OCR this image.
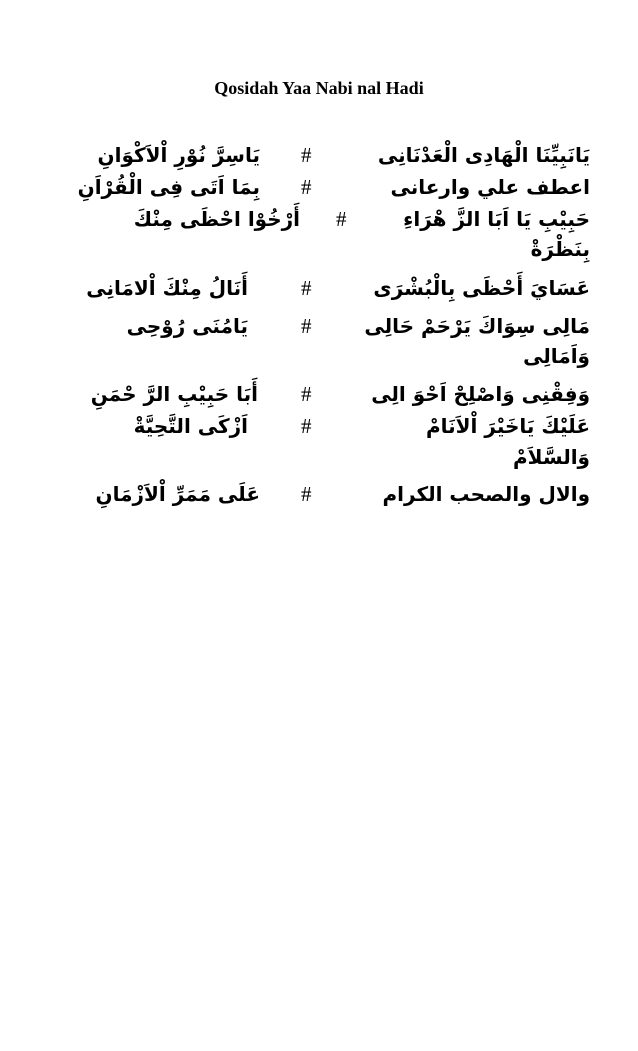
Qosidah Yaa Nabi nal Hadi
يَانَبِيِّنَا الْهَادِى الْعَدْنَانِى
#
يَاسِرَّ نُوْرِ اْلاَكْوَانِ
اعطف علي وارعانى
#
بِمَا اَتَى فِى الْقُرْاَنِ
حَبِيْبِ يَا اَبَا الزَّ هْرَاءِ
#
أَرْخُوْا احْظَى مِنْكَ
بِنَظْرَةْ
عَسَايَ أَحْظَى بِالْبُشْرَى
#
أَنَالُ مِنْكَ اْلامَانِى
مَالِى سِوَاكَ يَرْحَمْ حَالِى
#
يَامُنَى رُوْحِى
وَاَمَالِى
وَفِقْنِى وَاصْلِحْ اَحْوَ الِى
#
أَبَا حَبِيْبِ الرَّ حْمَنِ
عَلَيْكَ يَاخَيْرَ اْلاَنَامْ
#
اَزْكَى التَّحِيَّةْ
وَالسَّلاَمْ
والال والصحب الكرام
#
عَلَى مَمَرِّ اْلاَزْمَانِ
